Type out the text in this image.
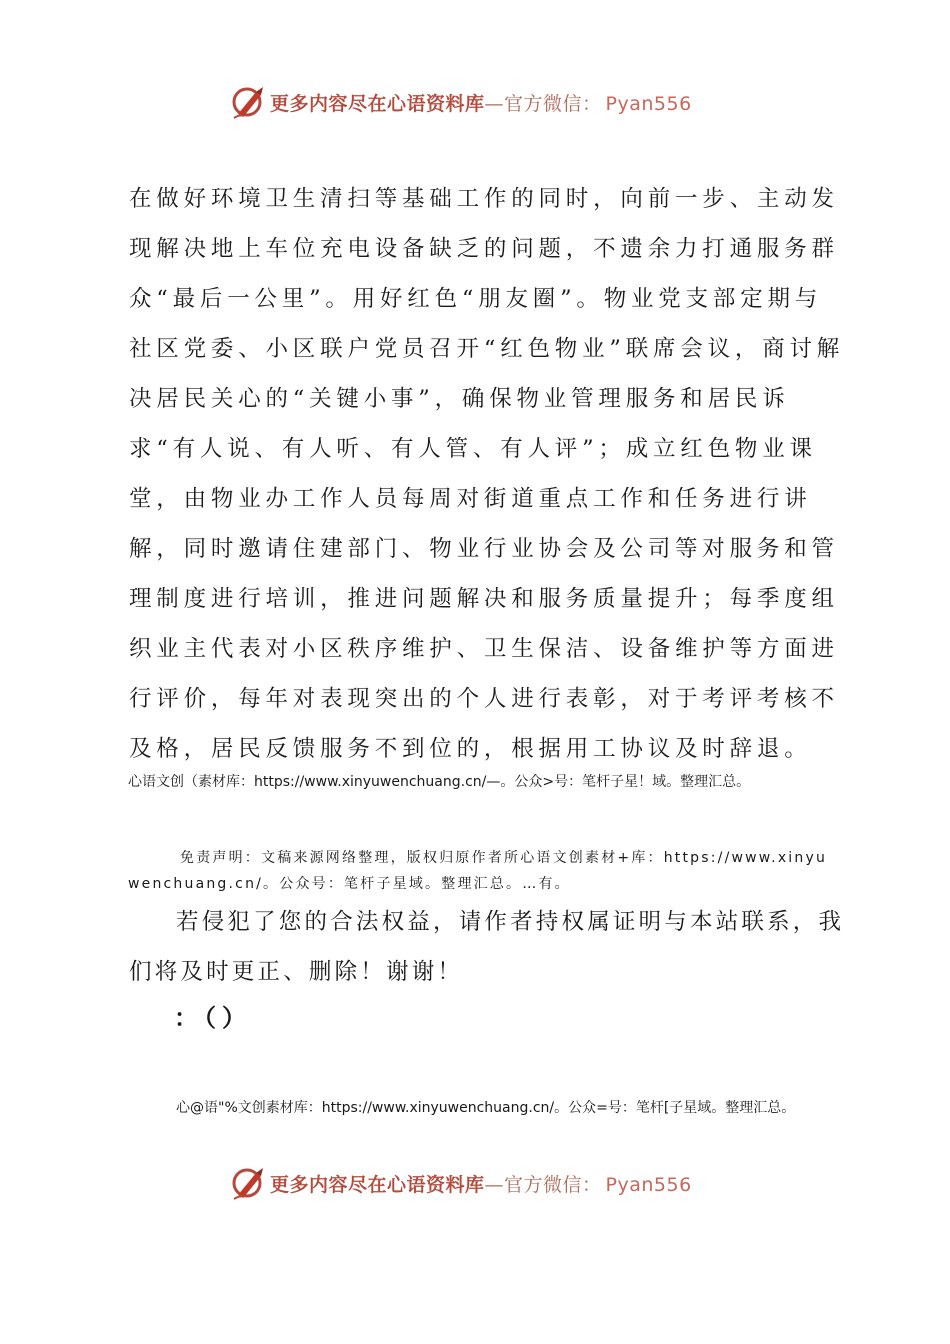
更多内容尽在心语资料库—官方微信： Pyan556

在做好环境卫生清扫等基础工作的同时，向前一步、主动发现解决地上车位充电设备缺乏的问题，不遗余力打通服务群众“最后一公里”。用好红色“朋友圈”。物业党支部定期与社区党委、小区联户党员召开“红色物业”联席会议，商讨解决居民关心的“关键小事”，确保物业管理服务和居民诉求“有人说、有人听、有人管、有人评”；成立红色物业课堂，由物业办工作人员每周对街道重点工作和任务进行讲解，同时邀请住建部门、物业行业协会及公司等对服务和管理制度进行培训，推进问题解决和服务质量提升；每季度组织业主代表对小区秩序维护、卫生保洁、设备维护等方面进行评价，每年对表现突出的个人进行表彰，对于考评考核不及格，居民反馈服务不到位的，根据用工协议及时辞退。

心语文创（素材库：https://www.xinyuwenchuang.cn/—。公众>号：笔杆子星！域。整理汇总。

免责声明：文稿来源网络整理，版权归原作者所心语文创素材+库：https://www.xinyuwenchuang.cn/。公众号：笔杆子星域。整理汇总。…有。

若侵犯了您的合法权益，请作者持权属证明与本站联系，我们将及时更正、删除！谢谢！

：（）

心@语"%文创素材库：https://www.xinyuwenchuang.cn/。公众=号：笔杆[子星域。整理汇总。

更多内容尽在心语资料库—官方微信： Pyan556
